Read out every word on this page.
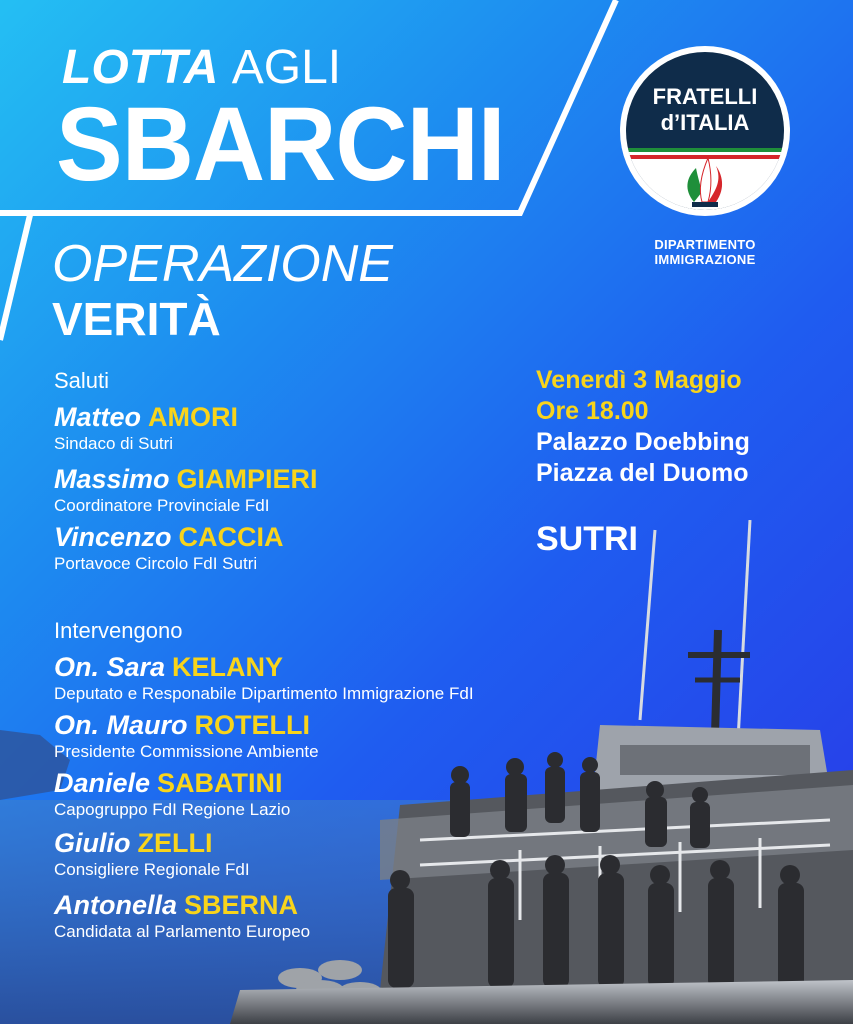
LOTTA AGLI
SBARCHI
OPERAZIONE
VERITÀ
FRATELLI
d’ITALIA
DIPARTIMENTO
IMMIGRAZIONE
Venerdì 3 Maggio
Ore 18.00
Palazzo Doebbing
Piazza del Duomo
SUTRI
Saluti
Matteo AMORI
Sindaco di Sutri
Massimo GIAMPIERI
Coordinatore Provinciale FdI
Vincenzo CACCIA
Portavoce Circolo FdI Sutri
Intervengono
On. Sara KELANY
Deputato e Responabile Dipartimento Immigrazione FdI
On. Mauro ROTELLI
Presidente Commissione Ambiente
Daniele SABATINI
Capogruppo FdI Regione Lazio
Giulio ZELLI
Consigliere Regionale FdI
Antonella SBERNA
Candidata al Parlamento Europeo
